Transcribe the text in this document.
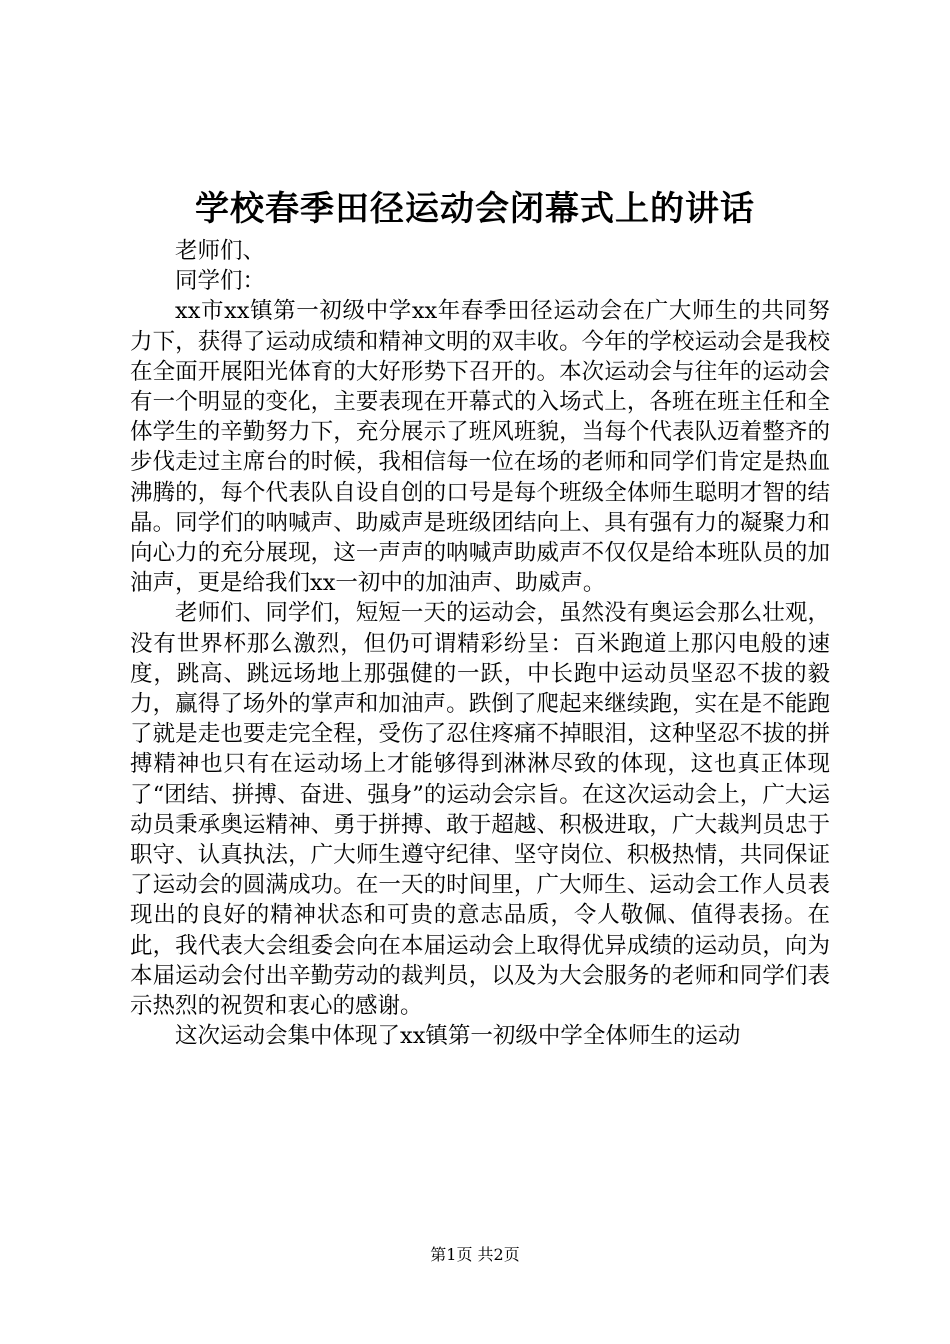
学校春季田径运动会闭幕式上的讲话

老师们、

同学们：

xx市xx镇第一初级中学xx年春季田径运动会在广大师生的共同努力下，获得了运动成绩和精神文明的双丰收。今年的学校运动会是我校在全面开展阳光体育的大好形势下召开的。本次运动会与往年的运动会有一个明显的变化，主要表现在开幕式的入场式上，各班在班主任和全体学生的辛勤努力下，充分展示了班风班貌，当每个代表队迈着整齐的步伐走过主席台的时候，我相信每一位在场的老师和同学们肯定是热血沸腾的，每个代表队自设自创的口号是每个班级全体师生聪明才智的结晶。同学们的呐喊声、助威声是班级团结向上、具有强有力的凝聚力和向心力的充分展现，这一声声的呐喊声助威声不仅仅是给本班队员的加油声，更是给我们xx一初中的加油声、助威声。

老师们、同学们，短短一天的运动会，虽然没有奥运会那么壮观，没有世界杯那么激烈，但仍可谓精彩纷呈：百米跑道上那闪电般的速度，跳高、跳远场地上那强健的一跃，中长跑中运动员坚忍不拔的毅力，赢得了场外的掌声和加油声。跌倒了爬起来继续跑，实在是不能跑了就是走也要走完全程，受伤了忍住疼痛不掉眼泪，这种坚忍不拔的拼搏精神也只有在运动场上才能够得到淋淋尽致的体现，这也真正体现了“团结、拼搏、奋进、强身”的运动会宗旨。在这次运动会上，广大运动员秉承奥运精神、勇于拼搏、敢于超越、积极进取，广大裁判员忠于职守、认真执法，广大师生遵守纪律、坚守岗位、积极热情，共同保证了运动会的圆满成功。在一天的时间里，广大师生、运动会工作人员表现出的良好的精神状态和可贵的意志品质，令人敬佩、值得表扬。在此，我代表大会组委会向在本届运动会上取得优异成绩的运动员，向为本届运动会付出辛勤劳动的裁判员，以及为大会服务的老师和同学们表示热烈的祝贺和衷心的感谢。

这次运动会集中体现了xx镇第一初级中学全体师生的运动

第1页 共2页
